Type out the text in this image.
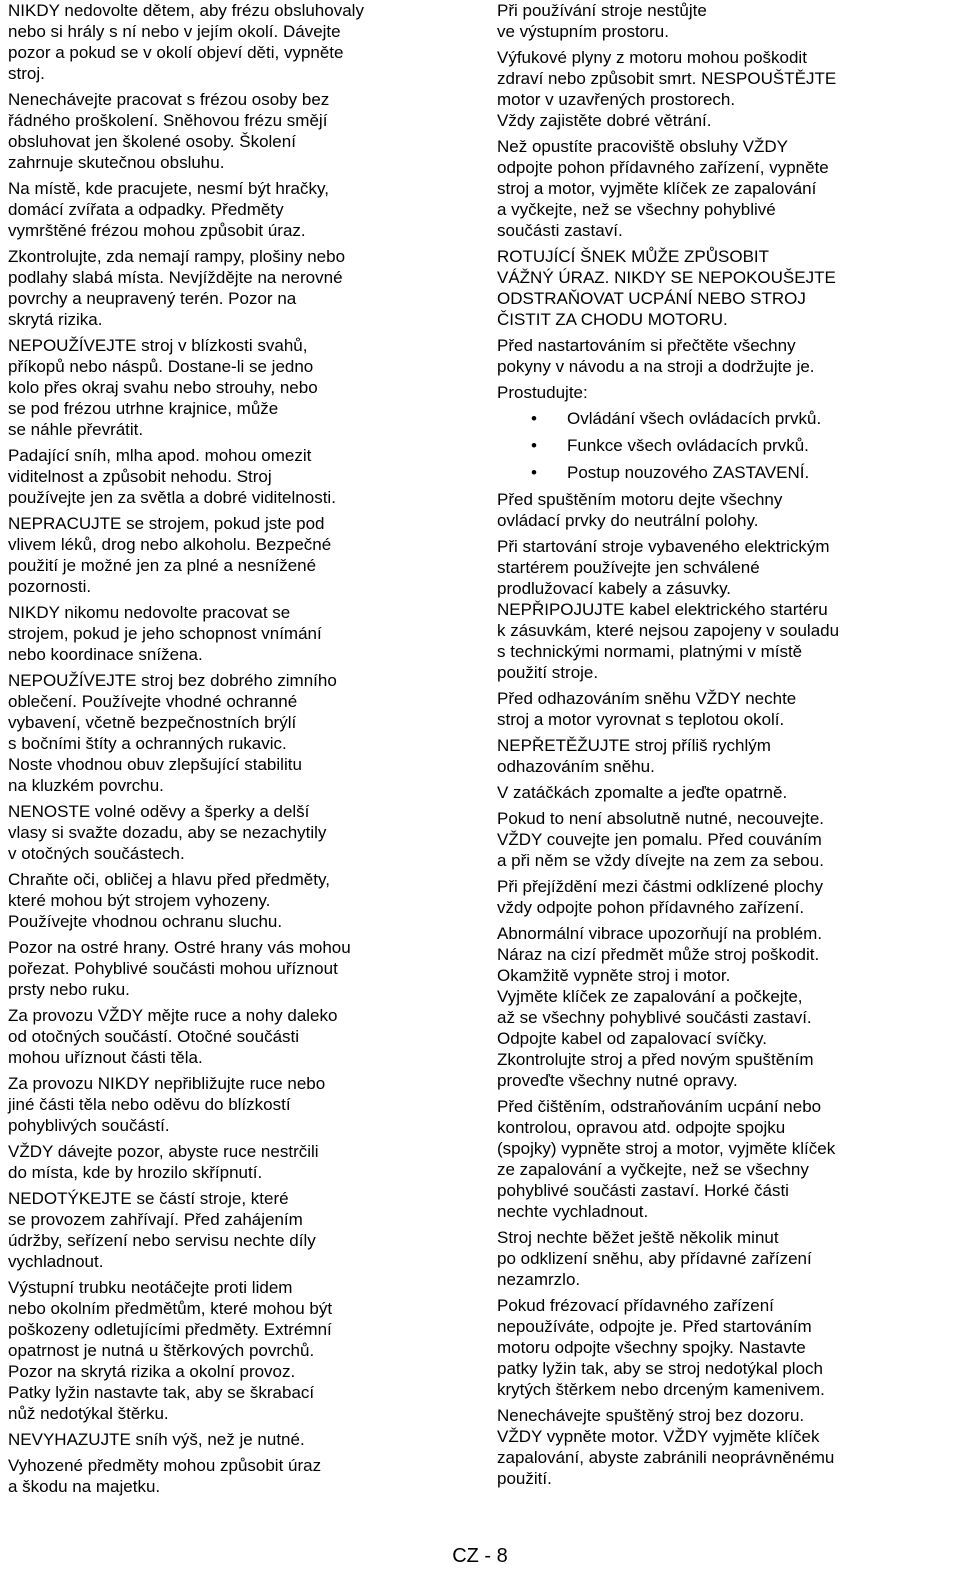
NIKDY nedovolte dětem, aby frézu obsluhovaly
nebo si hrály s ní nebo v jejím okolí. Dávejte
pozor a pokud se v okolí objeví děti, vypněte
stroj.

Nenechávejte pracovat s frézou osoby bez
řádného proškolení. Sněhovou frézu smějí
obsluhovat jen školené osoby. Školení
zahrnuje skutečnou obsluhu.

Na místě, kde pracujete, nesmí být hračky,
domácí zvířata a odpadky. Předměty
vymrštěné frézou mohou způsobit úraz.

Zkontrolujte, zda nemají rampy, plošiny nebo
podlahy slabá místa. Nevjíždějte na nerovné
povrchy a neupravený terén. Pozor na
skrytá rizika.

NEPOUŽÍVEJTE stroj v blízkosti svahů,
příkopů nebo náspů. Dostane-li se jedno
kolo přes okraj svahu nebo strouhy, nebo
se pod frézou utrhne krajnice, může
se náhle převrátit.

Padající sníh, mlha apod. mohou omezit
viditelnost a způsobit nehodu. Stroj
používejte jen za světla a dobré viditelnosti.

NEPRACUJTE se strojem, pokud jste pod
vlivem léků, drog nebo alkoholu. Bezpečné
použití je možné jen za plné a nesnížené
pozornosti.

NIKDY nikomu nedovolte pracovat se
strojem, pokud je jeho schopnost vnímání
nebo koordinace snížena.

NEPOUŽÍVEJTE stroj bez dobrého zimního
oblečení. Používejte vhodné ochranné
vybavení, včetně bezpečnostních brýlí
s bočními štíty a ochranných rukavic.
Noste vhodnou obuv zlepšující stabilitu
na kluzkém povrchu.

NENOSTE volné oděvy a šperky a delší
vlasy si svažte dozadu, aby se nezachytily
v otočných součástech.

Chraňte oči, obličej a hlavu před předměty,
které mohou být strojem vyhozeny.
Používejte vhodnou ochranu sluchu.

Pozor na ostré hrany. Ostré hrany vás mohou
pořezat. Pohyblivé součásti mohou uříznout
prsty nebo ruku.

Za provozu VŽDY mějte ruce a nohy daleko
od otočných součástí. Otočné součásti
mohou uříznout části těla.

Za provozu NIKDY nepřibližujte ruce nebo
jiné části těla nebo oděvu do blízkostí
pohyblivých součástí.

VŽDY dávejte pozor, abyste ruce nestrčili
do místa, kde by hrozilo skřípnutí.

NEDOTÝKEJTE se částí stroje, které
se provozem zahřívají. Před zahájením
údržby, seřízení nebo servisu nechte díly
vychladnout.

Výstupní trubku neotáčejte proti lidem
nebo okolním předmětům, které mohou být
poškozeny odletujícími předměty. Extrémní
opatrnost je nutná u štěrkových povrchů.
Pozor na skrytá rizika a okolní provoz.
Patky lyžin nastavte tak, aby se škrabací
nůž nedotýkal štěrku.

NEVYHAZUJTE sníh výš, než je nutné.

Vyhozené předměty mohou způsobit úraz
a škodu na majetku.

Při používání stroje nestůjte
ve výstupním prostoru.

Výfukové plyny z motoru mohou poškodit
zdraví nebo způsobit smrt. NESPOUŠTĚJTE
motor v uzavřených prostorech.
Vždy zajistěte dobré větrání.

Než opustíte pracoviště obsluhy VŽDY
odpojte pohon přídavného zařízení, vypněte
stroj a motor, vyjměte klíček ze zapalování
a vyčkejte, než se všechny pohyblivé
součásti zastaví.

ROTUJÍCÍ ŠNEK MŮŽE ZPŮSOBIT
VÁŽNÝ ÚRAZ. NIKDY SE NEPOKOUŠEJTE
ODSTRAŇOVAT UCPÁNÍ NEBO STROJ
ČISTIT ZA CHODU MOTORU.

Před nastartováním si přečtěte všechny
pokyny v návodu a na stroji a dodržujte je.

Prostudujte:

• Ovládání všech ovládacích prvků.
• Funkce všech ovládacích prvků.
• Postup nouzového ZASTAVENÍ.

Před spuštěním motoru dejte všechny
ovládací prvky do neutrální polohy.

Při startování stroje vybaveného elektrickým
startérem používejte jen schválené
prodlužovací kabely a zásuvky.
NEPŘIPOJUJTE kabel elektrického startéru
k zásuvkám, které nejsou zapojeny v souladu
s technickými normami, platnými v místě
použití stroje.

Před odhazováním sněhu VŽDY nechte
stroj a motor vyrovnat s teplotou okolí.

NEPŘETĚŽUJTE stroj příliš rychlým
odhazováním sněhu.

V zatáčkách zpomalte a jeďte opatrně.

Pokud to není absolutně nutné, necouvejte.
VŽDY couvejte jen pomalu. Před couváním
a při něm se vždy dívejte na zem za sebou.

Při přejíždění mezi částmi odklízené plochy
vždy odpojte pohon přídavného zařízení.

Abnormální vibrace upozorňují na problém.
Náraz na cizí předmět může stroj poškodit.
Okamžitě vypněte stroj i motor.
Vyjměte klíček ze zapalování a počkejte,
až se všechny pohyblivé součásti zastaví.
Odpojte kabel od zapalovací svíčky.
Zkontrolujte stroj a před novým spuštěním
proveďte všechny nutné opravy.

Před čištěním, odstraňováním ucpání nebo
kontrolou, opravou atd. odpojte spojku
(spojky) vypněte stroj a motor, vyjměte klíček
ze zapalování a vyčkejte, než se všechny
pohyblivé součásti zastaví. Horké části
nechte vychladnout.

Stroj nechte běžet ještě několik minut
po odklizení sněhu, aby přídavné zařízení
nezamrzlo.

Pokud frézovací přídavného zařízení
nepoužíváte, odpojte je. Před startováním
motoru odpojte všechny spojky. Nastavte
patky lyžin tak, aby se stroj nedotýkal ploch
krytých štěrkem nebo drceným kamenivem.

Nenechávejte spuštěný stroj bez dozoru.
VŽDY vypněte motor. VŽDY vyjměte klíček
zapalování, abyste zabránili neoprávněnému
použití.

CZ - 8
